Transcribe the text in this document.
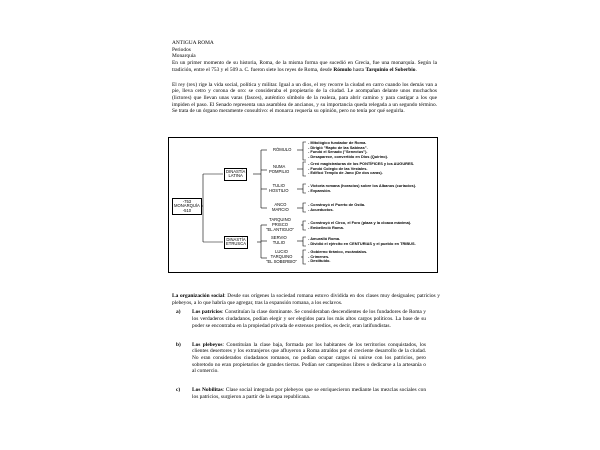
ANTIGUA ROMA
Periodos
Monarquía

En un primer momento de su historia, Roma, de la misma forma que sucedió en Grecia, fue una monarquía. Según la tradición, entre el 753 y el 509 a. C. fueron siete los reyes de Roma, desde Rómulo hasta Tarquinio el Soberbio.

El rey (rex) rige la vida social, política y militar. Igual a un dios, el rey recorre la ciudad en carro cuando los demás van a pie, lleva cetro y corona de oro: se consideraba el propietario de la ciudad. Le acompañan delante unos muchachos (lictores) que llevan unas varas (fasces), auténtico símbolo de la realeza, para abrir camino y para castigar a los que impiden el paso. El Senado representa una asamblea de ancianos, y su importancia queda relegada a un segundo término. Se trata de un órgano meramente consultivo: el monarca requería su opinión, pero no tenía por qué seguirla.

-753
MONARQUÍA
-510
DINASTÍA
LATINA
DINASTÍA
ETRUSCA
RÓMULO
- Mitológico fundador de Roma.
- Dirigió "Rapto de las Sabinas".
- Fundó el Senado ("Senectus").
- Desaparece, convertido en Dios (Quirino).
NUMA
POMPILIO
- Creó magistraturas de los PONTÍFICES y los AUGURES.
- Fundó Colegio de las Vestales.
- Edificó Templo de Jano (De dos caras).
TULIO
HOSTILIO
- Victoria romana (horacios) sobre los Albanos (curiacios).
- Expansión.
ANCO
MARCIO
- Construyó el Puerto de Ostia.
- Acueductos.
TARQUINO
PRISCO
"EL ANTIGUO"
- Construyó el Circo, el Foro (plaza y la cloaca máxima).
- Embelleció Roma.
SERVIO
TULIO
- Amuralló Roma.
- Dividió el ejército en CENTURIAS y el pueblo en TRIBUS.
LUCIO
TARQUINO
"EL SOBERBIO"
- Gobierno tiránico, escándalos.
- Crímenes.
- Destituido.

La organización social: Desde sus orígenes la sociedad romana estuvo dividida en dos clases muy desiguales; patricios y plebeyos, a lo que habría que agregar, tras la expansión romana, a los esclavos.

a)	Los patricios: Constituían la clase dominante. Se consideraban descendientes de los fundadores de Roma y los verdaderos ciudadanos, podían elegir y ser elegidos para los más altos cargos políticos. La base de su poder se encontraba en la propiedad privada de extensos predios, es decir, eran latifundistas.
b)	Los plebeyos: Constituían la clase baja, formada por los habitantes de los territorios conquistados, los clientes desertores y los extranjeros que afluyeron a Roma atraídos por el creciente desarrollo de la ciudad. No eran considerados ciudadanos romanos, no podían ocupar cargos ni unirse con los patricios, pero sobretodo no eran propietarios de grandes tierras. Podían ser campesinos libres o dedicarse a la artesanía o al comercio.
c)	Los Nobilitas: Clase social integrada por plebeyos que se enriquecieron mediante las mezclas sociales con los patricios, surgieron a partir de la etapa republicana.
